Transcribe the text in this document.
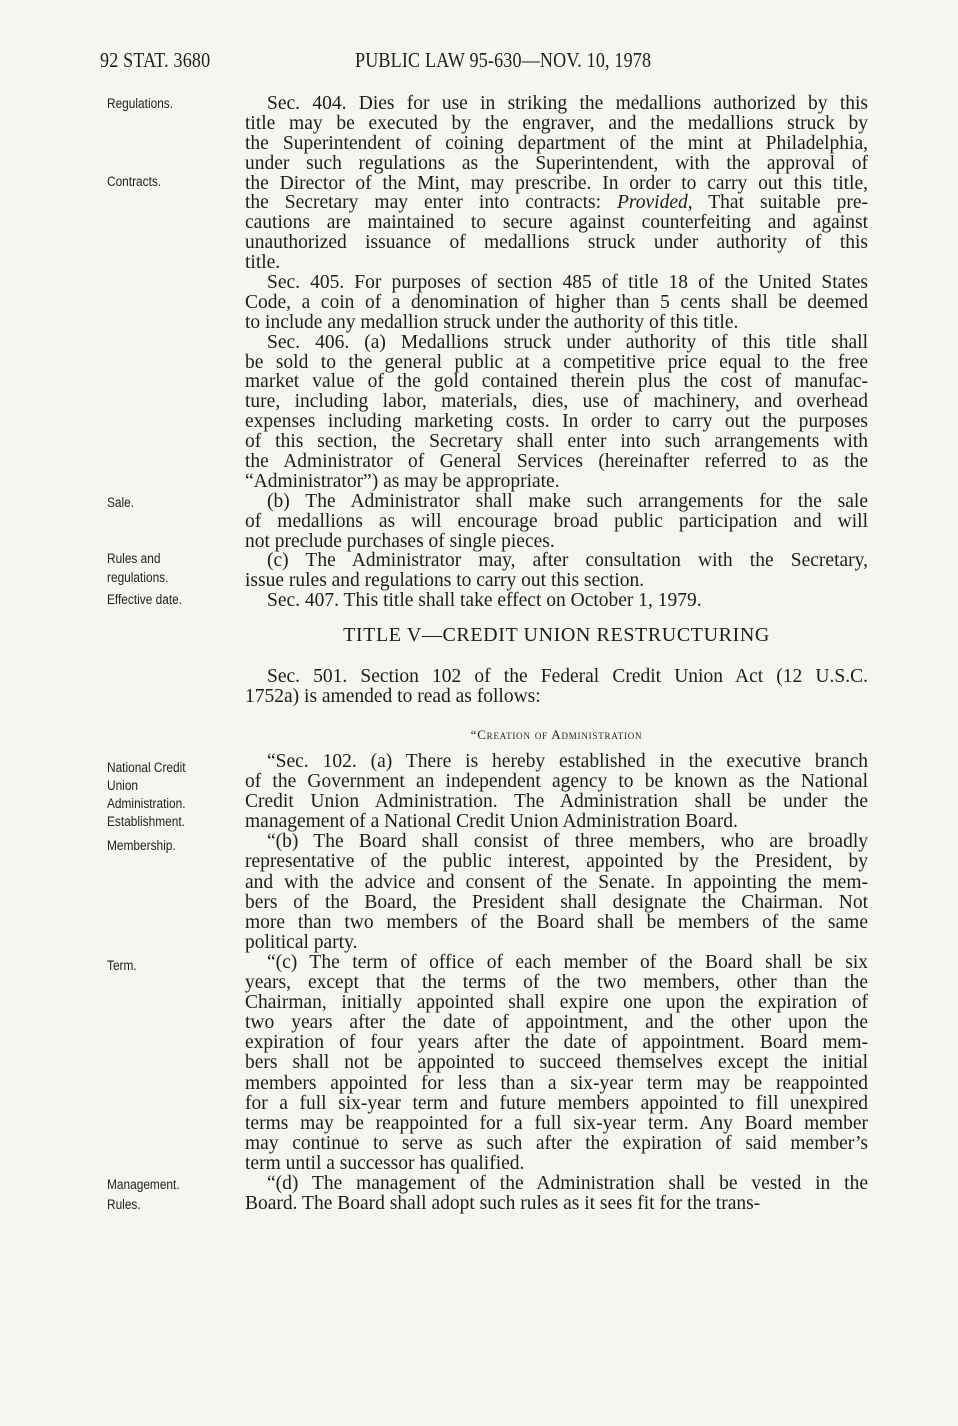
92 STAT. 3680	PUBLIC LAW 95-630—NOV. 10, 1978
Regulations.
Contracts.
Sale.
Rules and
regulations.
Effective date.
National Credit
Union
Administration.
Establishment.
Membership.
Term.
Management.
Rules.
Sec. 404. Dies for use in striking the medallions authorized by this
title may be executed by the engraver, and the medallions struck by
the Superintendent of coining department of the mint at Philadelphia,
under such regulations as the Superintendent, with the approval of
the Director of the Mint, may prescribe. In order to carry out this title,
the Secretary may enter into contracts: Provided, That suitable pre-
cautions are maintained to secure against counterfeiting and against
unauthorized issuance of medallions struck under authority of this
title.
Sec. 405. For purposes of section 485 of title 18 of the United States
Code, a coin of a denomination of higher than 5 cents shall be deemed
to include any medallion struck under the authority of this title.
Sec. 406. (a) Medallions struck under authority of this title shall
be sold to the general public at a competitive price equal to the free
market value of the gold contained therein plus the cost of manufac-
ture, including labor, materials, dies, use of machinery, and overhead
expenses including marketing costs. In order to carry out the purposes
of this section, the Secretary shall enter into such arrangements with
the Administrator of General Services (hereinafter referred to as the
“Administrator”) as may be appropriate.
(b) The Administrator shall make such arrangements for the sale
of medallions as will encourage broad public participation and will
not preclude purchases of single pieces.
(c) The Administrator may, after consultation with the Secretary,
issue rules and regulations to carry out this section.
Sec. 407. This title shall take effect on October 1, 1979.
TITLE V—CREDIT UNION RESTRUCTURING
Sec. 501. Section 102 of the Federal Credit Union Act (12 U.S.C.
1752a) is amended to read as follows:
“Creation of Administration
“Sec. 102. (a) There is hereby established in the executive branch
of the Government an independent agency to be known as the National
Credit Union Administration. The Administration shall be under the
management of a National Credit Union Administration Board.
“(b) The Board shall consist of three members, who are broadly
representative of the public interest, appointed by the President, by
and with the advice and consent of the Senate. In appointing the mem-
bers of the Board, the President shall designate the Chairman. Not
more than two members of the Board shall be members of the same
political party.
“(c) The term of office of each member of the Board shall be six
years, except that the terms of the two members, other than the
Chairman, initially appointed shall expire one upon the expiration of
two years after the date of appointment, and the other upon the
expiration of four years after the date of appointment. Board mem-
bers shall not be appointed to succeed themselves except the initial
members appointed for less than a six-year term may be reappointed
for a full six-year term and future members appointed to fill unexpired
terms may be reappointed for a full six-year term. Any Board member
may continue to serve as such after the expiration of said member’s
term until a successor has qualified.
“(d) The management of the Administration shall be vested in the
Board. The Board shall adopt such rules as it sees fit for the trans-
